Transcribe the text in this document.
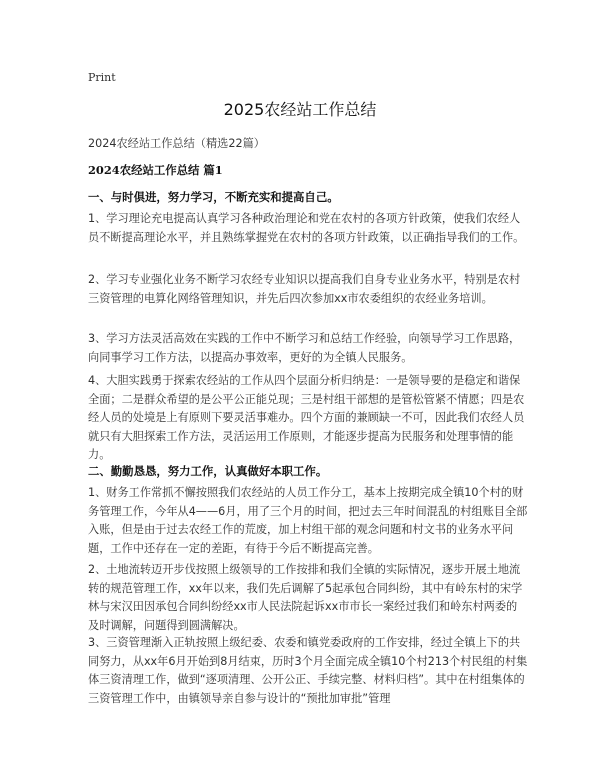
Print
2025农经站工作总结
2024农经站工作总结（精选22篇）
2024农经站工作总结 篇1
一、与时俱进，努力学习，不断充实和提高自己。

1、学习理论充电提高认真学习各种政治理论和党在农村的各项方针政策，使我们农经人员不断提高理论水平，并且熟练掌握党在农村的各项方针政策，以正确指导我们的工作。

2、学习专业强化业务不断学习农经专业知识以提高我们自身专业业务水平，特别是农村三资管理的电算化网络管理知识，并先后四次参加xx市农委组织的农经业务培训。

3、学习方法灵活高效在实践的工作中不断学习和总结工作经验，向领导学习工作思路，向同事学习工作方法，以提高办事效率，更好的为全镇人民服务。

4、大胆实践勇于探索农经站的工作从四个层面分析归纳是：一是领导要的是稳定和谐保全面；二是群众希望的是公平公正能兑现；三是村组干部想的是管松管紧不情愿；四是农经人员的处境是上有原则下要灵活事难办。四个方面的兼顾缺一不可，因此我们农经人员就只有大胆探索工作方法，灵活运用工作原则，才能逐步提高为民服务和处理事情的能力。

二、勤勤恳恳，努力工作，认真做好本职工作。

1、财务工作常抓不懈按照我们农经站的人员工作分工，基本上按期完成全镇10个村的财务管理工作，今年从4——6月，用了三个月的时间，把过去三年时间混乱的村组账目全部入账，但是由于过去农经工作的荒废，加上村组干部的观念问题和村文书的业务水平问题，工作中还存在一定的差距，有待于今后不断提高完善。

2、土地流转迈开步伐按照上级领导的工作按排和我们全镇的实际情况，逐步开展土地流转的规范管理工作，xx年以来，我们先后调解了5起承包合同纠纷，其中有岭东村的宋学林与宋汉田因承包合同纠纷经xx市人民法院起诉xx市市长一案经过我们和岭东村两委的及时调解，问题得到圆满解决。

3、三资管理渐入正轨按照上级纪委、农委和镇党委政府的工作安排，经过全镇上下的共同努力，从xx年6月开始到8月结束，历时3个月全面完成全镇10个村213个村民组的村集体三资清理工作，做到“逐项清理、公开公正、手续完整、材料归档”。其中在村组集体的三资管理工作中，由镇领导亲自参与设计的“预批加审批”管理
